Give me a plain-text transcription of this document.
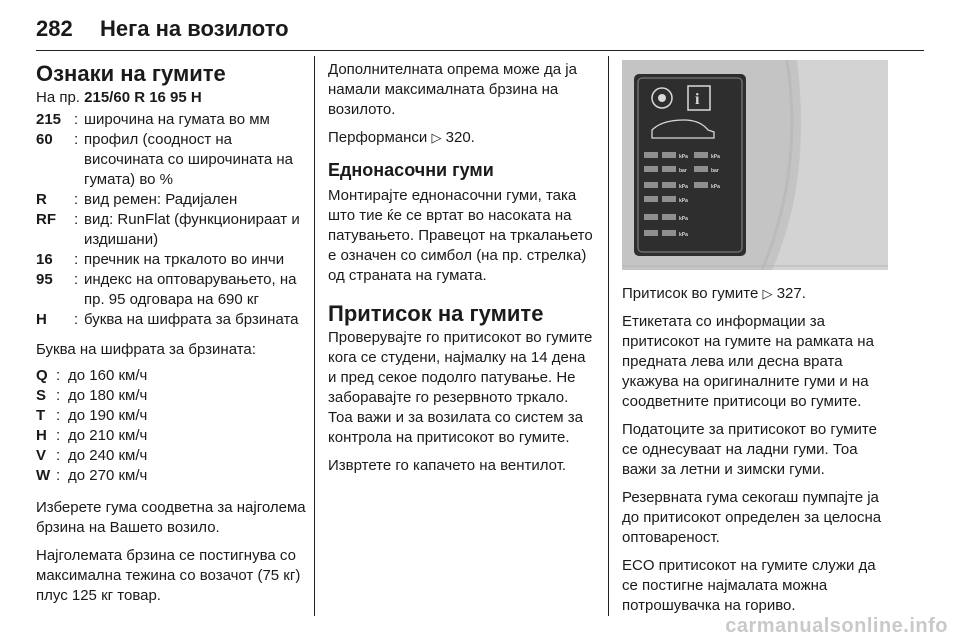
282 Нега на возилото
Ознаки на гумите
На пр. 215/60 R 16 95 H
215 : широчина на гумата во мм
60	: профил (соодност на височината со широчината на гумата) во %
R	: вид ремен: Радијален
RF	: вид: RunFlat (функционираат и издишани)
16	: пречник на тркалото во инчи
95	: индекс на оптоварувањето, на пр. 95 одговара на 690 кг
H	: буква на шифрата за брзината
Буква на шифрата за брзината:
Q : до 160 км/ч
S : до 180 км/ч
T : до 190 км/ч
H : до 210 км/ч
V : до 240 км/ч
W : до 270 км/ч
Изберете гума соодветна за најголема брзина на Вашето возило.
Најголемата брзина се постигнува со максимална тежина со возачот (75 кг) плус 125 кг товар.
Дополнителната опрема може да ја намали максималната брзина на возилото.
Перформанси ▷ 320.
Еднонасочни гуми
Монтирајте еднонасочни гуми, така што тие ќе се вртат во насоката на патувањето. Правецот на тркалањето е означен со симбол (на пр. стрелка) од страната на гумата.
Притисок на гумите
Проверувајте го притисокот во гумите кога се студени, најмалку на 14 дена и пред секое подолго патување. Не заборавајте го резервното тркало. Тоа важи и за возилата со систем за контрола на притисокот во гумите.
Извртете го капачето на вентилот.
i
kPa	kPa
bar	bar
kPa	kPa
kPa
kPa
kPa
Притисок во гумите ▷ 327.
Етикетата со информации за притисокот на гумите на рамката на предната лева или десна врата укажува на оригиналните гуми и на соодветните притисоци во гумите.
Податоците за притисокот во гумите се однесуваат на ладни гуми. Тоа важи за летни и зимски гуми.
Резервната гума секогаш пумпајте ја до притисокот определен за целосна оптовареност.
ECO притисокот на гумите служи да се постигне најмалата можна потрошувачка на гориво.
carmanualsonline.info
